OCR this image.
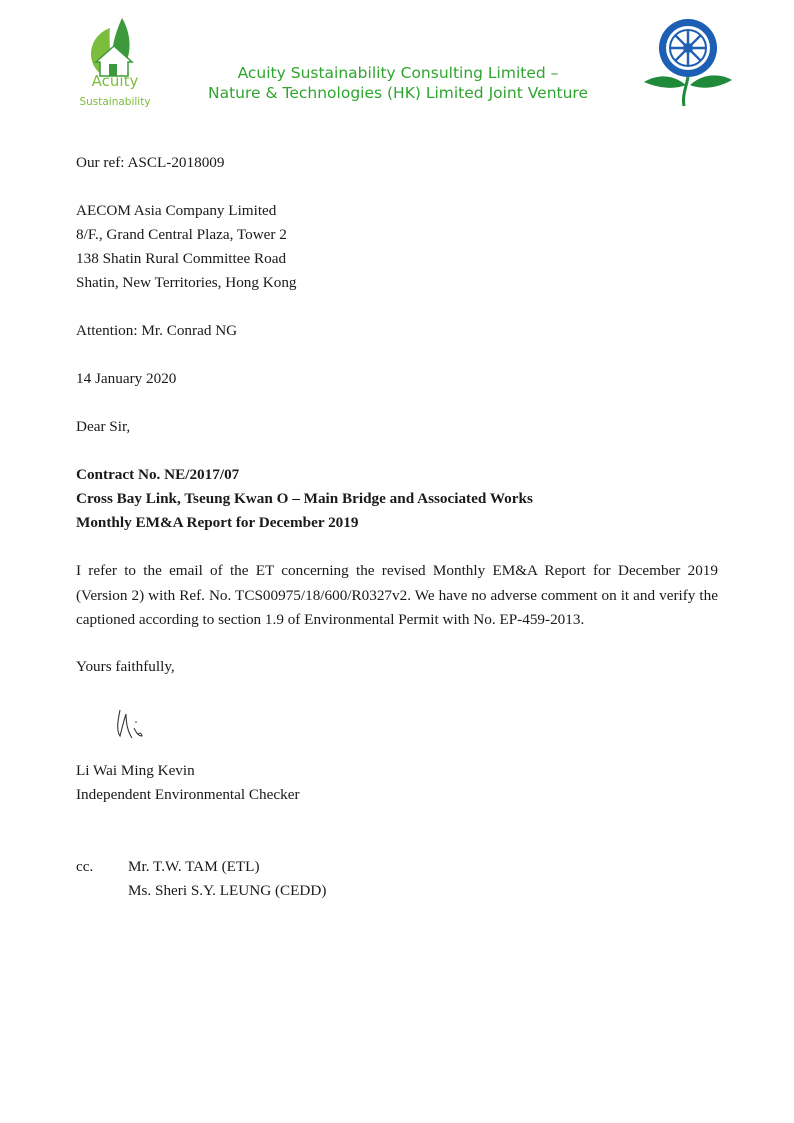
Acuity
Sustainability
Acuity Sustainability Consulting Limited –
Nature & Technologies (HK) Limited Joint Venture
Our ref: ASCL-2018009
AECOM Asia Company Limited
8/F., Grand Central Plaza, Tower 2
138 Shatin Rural Committee Road
Shatin, New Territories, Hong Kong
Attention: Mr. Conrad NG
14 January 2020
Dear Sir,
Contract No. NE/2017/07
Cross Bay Link, Tseung Kwan O – Main Bridge and Associated Works
Monthly EM&A Report for December 2019
I refer to the email of the ET concerning the revised Monthly EM&A Report for December 2019 (Version 2) with Ref. No. TCS00975/18/600/R0327v2. We have no adverse comment on it and verify the captioned according to section 1.9 of Environmental Permit with No. EP-459-2013.
Yours faithfully,
Li Wai Ming Kevin
Independent Environmental Checker
cc. Mr. T.W. TAM (ETL)
Ms. Sheri S.Y. LEUNG (CEDD)
